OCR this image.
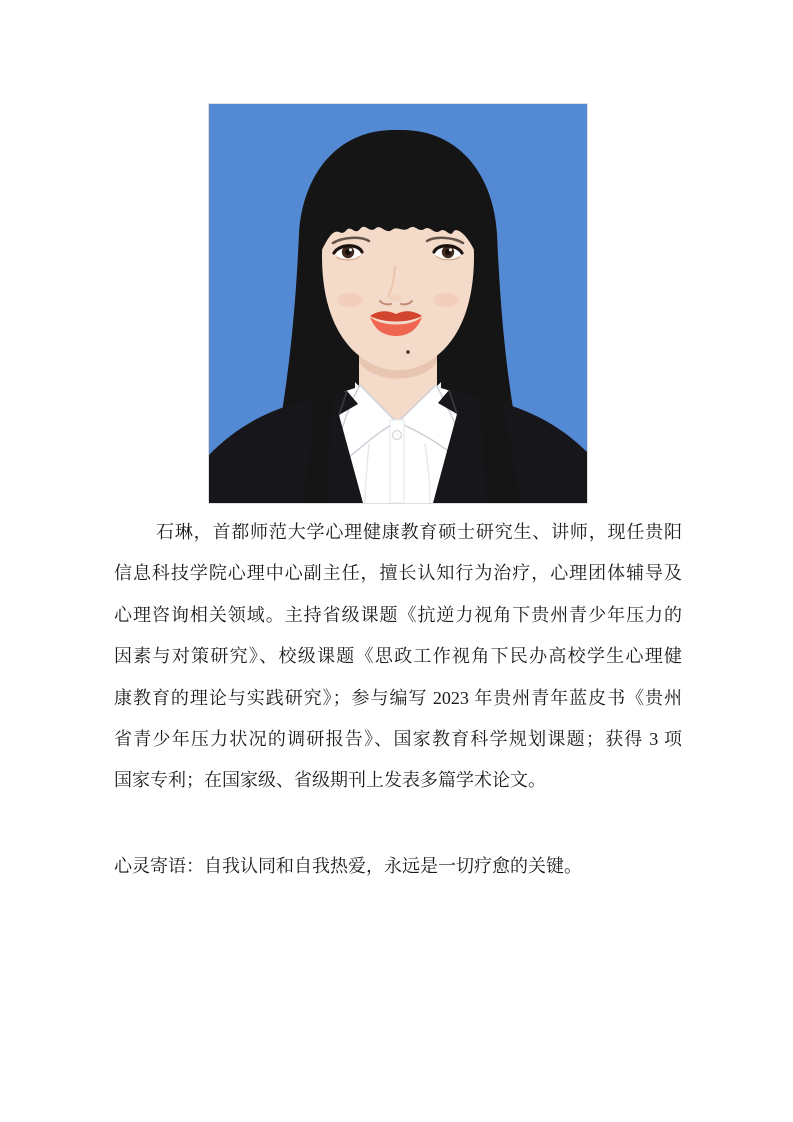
石琳，首都师范大学心理健康教育硕士研究生、讲师，现任贵阳
信息科技学院心理中心副主任，擅长认知行为治疗，心理团体辅导及
心理咨询相关领域。主持省级课题《抗逆力视角下贵州青少年压力的
因素与对策研究》、校级课题《思政工作视角下民办高校学生心理健
康教育的理论与实践研究》；参与编写 2023 年贵州青年蓝皮书《贵州
省青少年压力状况的调研报告》、国家教育科学规划课题；获得 3 项
国家专利；在国家级、省级期刊上发表多篇学术论文。
心灵寄语：自我认同和自我热爱，永远是一切疗愈的关键。
